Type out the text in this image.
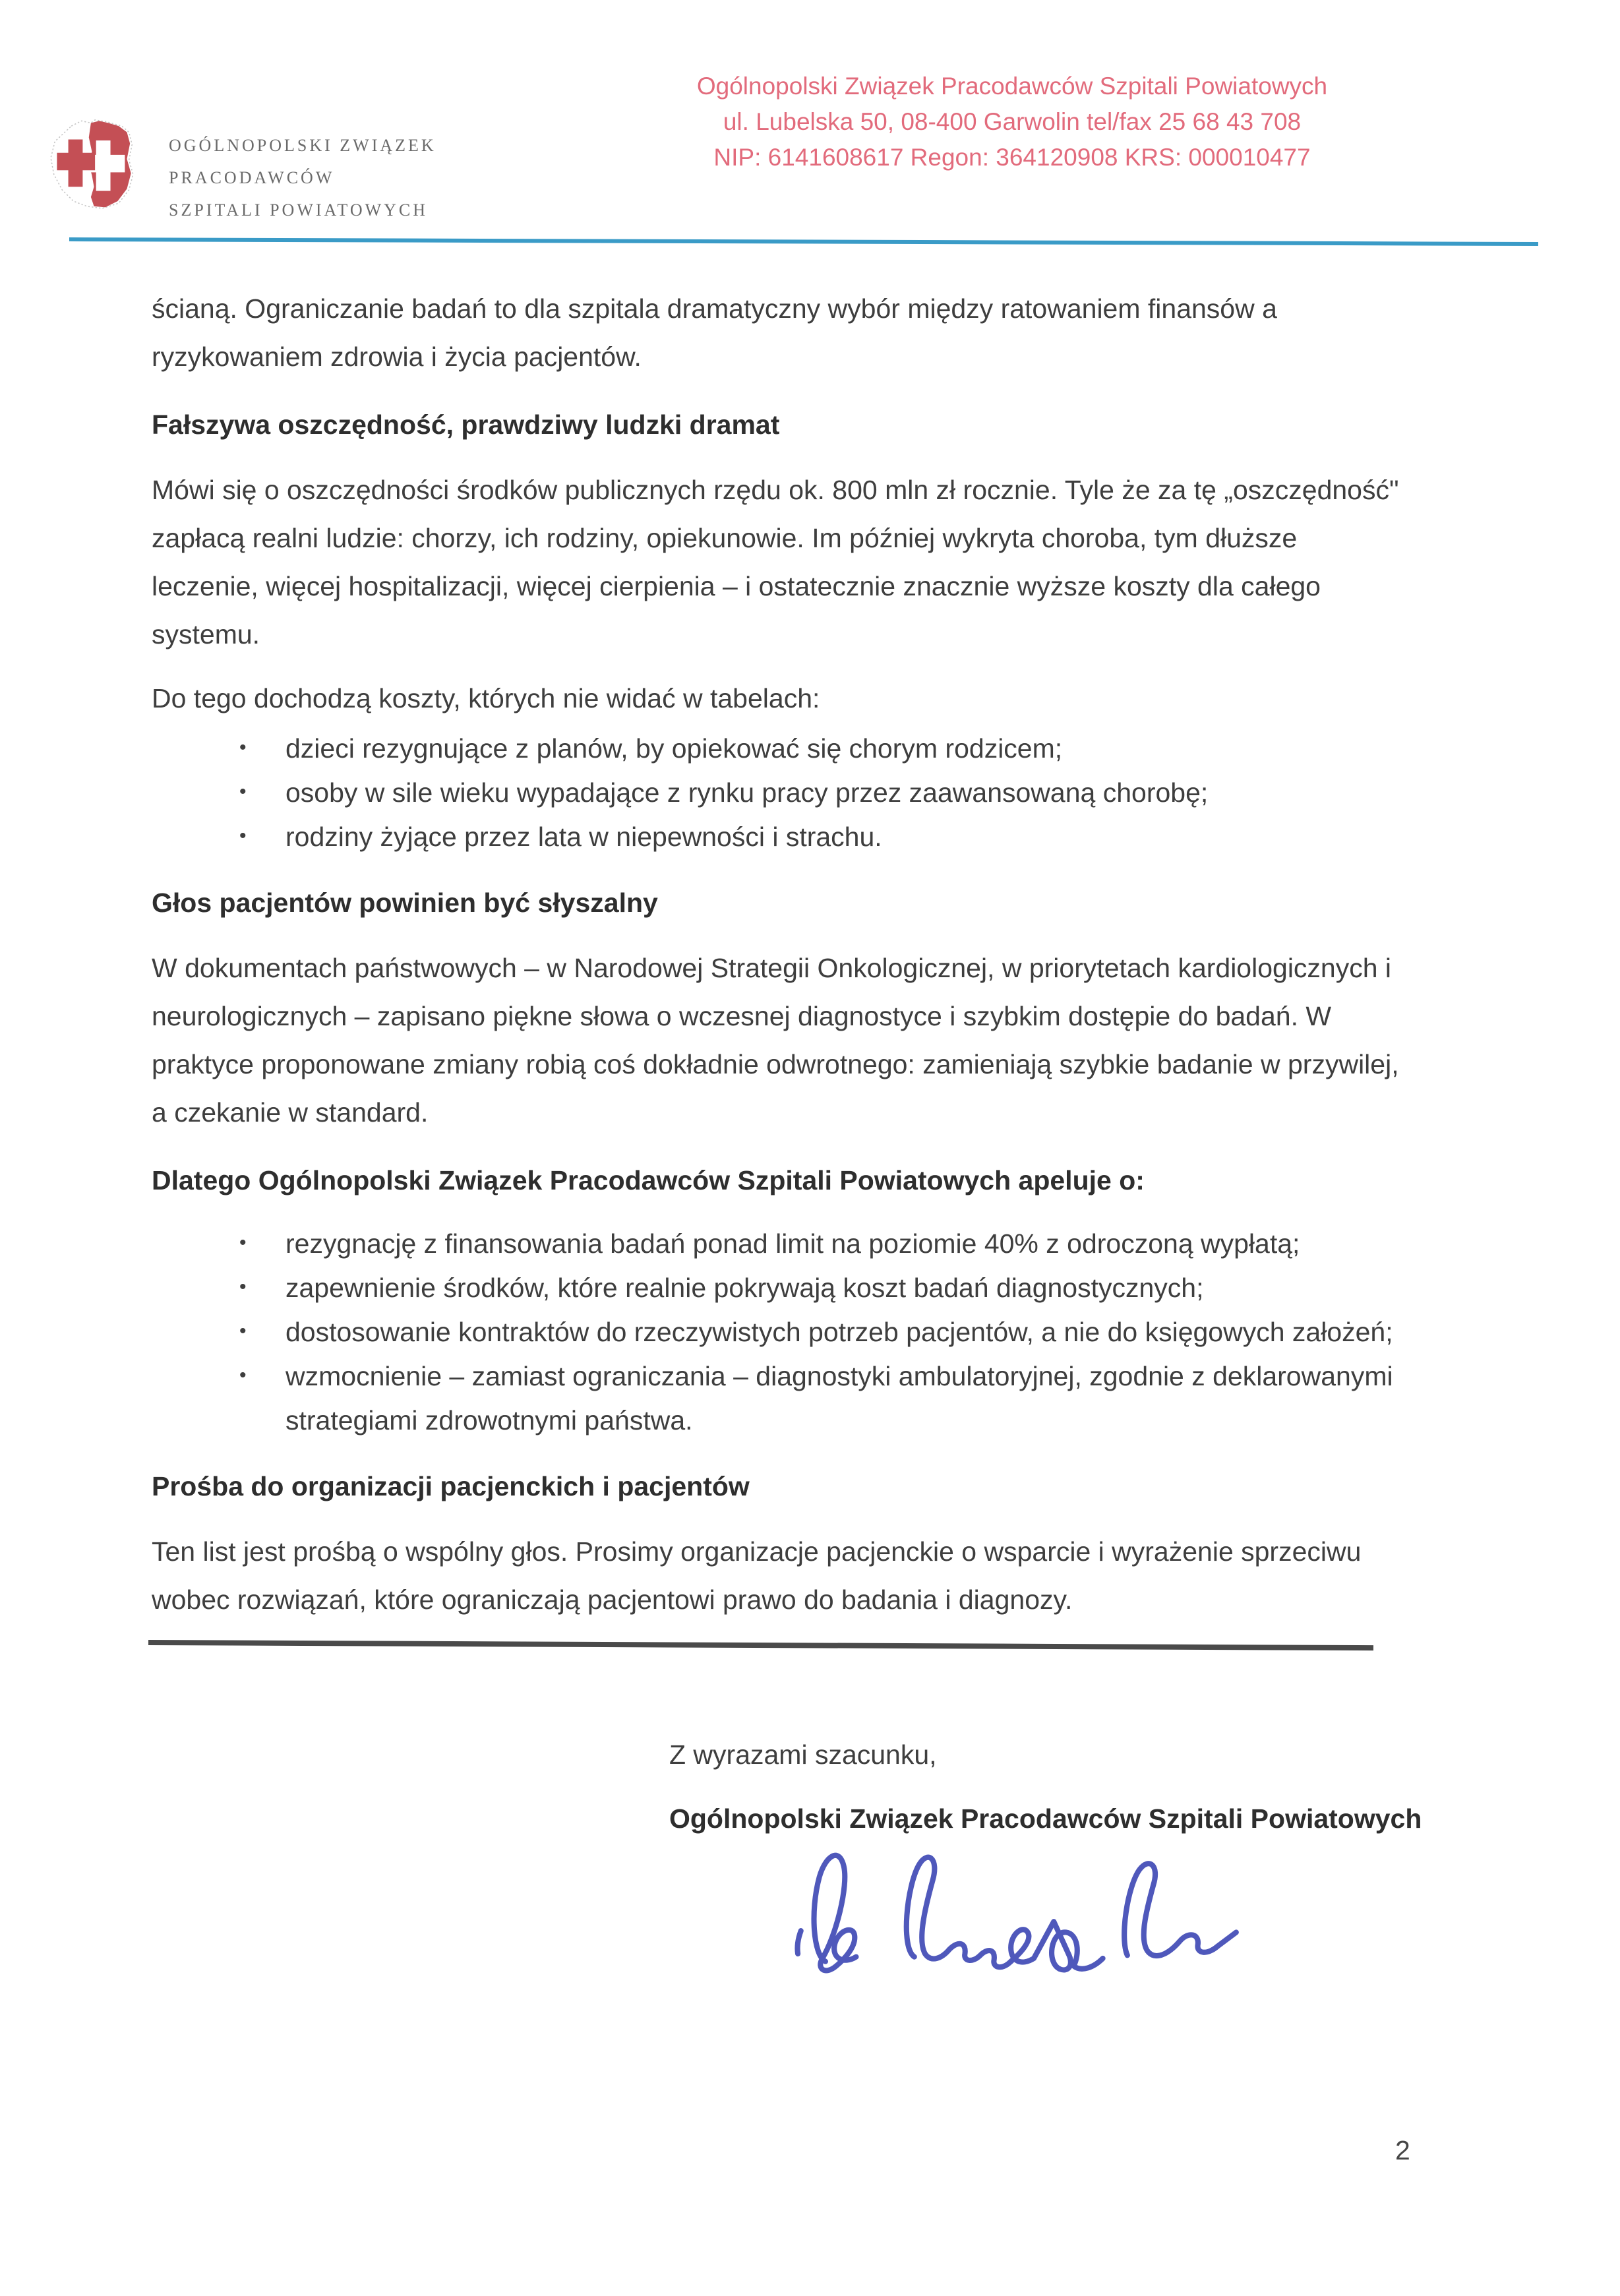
OGÓLNOPOLSKI ZWIĄZEK
PRACODAWCÓW
SZPITALI POWIATOWYCH
Ogólnopolski Związek Pracodawców Szpitali Powiatowych
ul. Lubelska 50, 08-400 Garwolin tel/fax 25 68 43 708
NIP: 6141608617 Regon: 364120908 KRS: 000010477

ścianą. Ograniczanie badań to dla szpitala dramatyczny wybór między ratowaniem finansów a ryzykowaniem zdrowia i życia pacjentów.

Fałszywa oszczędność, prawdziwy ludzki dramat

Mówi się o oszczędności środków publicznych rzędu ok. 800 mln zł rocznie. Tyle że za tę „oszczędność" zapłacą realni ludzie: chorzy, ich rodziny, opiekunowie. Im później wykryta choroba, tym dłuższe leczenie, więcej hospitalizacji, więcej cierpienia – i ostatecznie znacznie wyższe koszty dla całego systemu.

Do tego dochodzą koszty, których nie widać w tabelach:

• dzieci rezygnujące z planów, by opiekować się chorym rodzicem;
• osoby w sile wieku wypadające z rynku pracy przez zaawansowaną chorobę;
• rodziny żyjące przez lata w niepewności i strachu.
Głos pacjentów powinien być słyszalny

W dokumentach państwowych – w Narodowej Strategii Onkologicznej, w priorytetach kardiologicznych i neurologicznych – zapisano piękne słowa o wczesnej diagnostyce i szybkim dostępie do badań. W praktyce proponowane zmiany robią coś dokładnie odwrotnego: zamieniają szybkie badanie w przywilej, a czekanie w standard.

Dlatego Ogólnopolski Związek Pracodawców Szpitali Powiatowych apeluje o:
• rezygnację z finansowania badań ponad limit na poziomie 40% z odroczoną wypłatą;
• zapewnienie środków, które realnie pokrywają koszt badań diagnostycznych;
• dostosowanie kontraktów do rzeczywistych potrzeb pacjentów, a nie do księgowych założeń;
• wzmocnienie – zamiast ograniczania – diagnostyki ambulatoryjnej, zgodnie z deklarowanymi strategiami zdrowotnymi państwa.
Prośba do organizacji pacjenckich i pacjentów

Ten list jest prośbą o wspólny głos. Prosimy organizacje pacjenckie o wsparcie i wyrażenie sprzeciwu wobec rozwiązań, które ograniczają pacjentowi prawo do badania i diagnozy.

Z wyrazami szacunku,

Ogólnopolski Związek Pracodawców Szpitali Powiatowych

2
